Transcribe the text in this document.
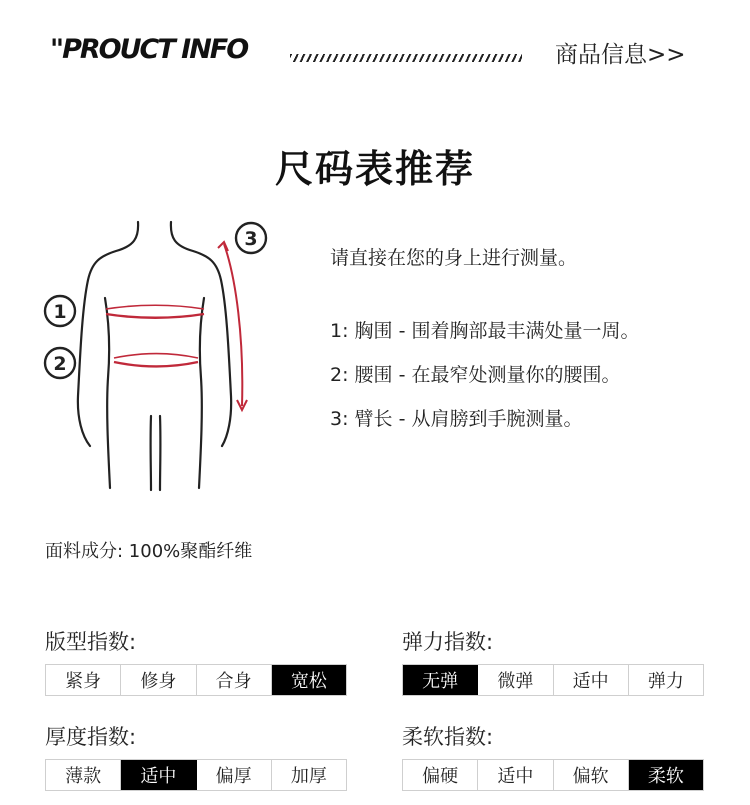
"PROUCT INFO	商品信息>>
尺码表推荐
1
2
3
请直接在您的身上进行测量。
1: 胸围 - 围着胸部最丰满处量一周。
2: 腰围 - 在最窄处测量你的腰围。
3: 臂长 - 从肩膀到手腕测量。
面料成分: 100%聚酯纤维
版型指数:
紧身	修身	合身	宽松
弹力指数:
无弹	微弹	适中	弹力
厚度指数:
薄款	适中	偏厚	加厚
柔软指数:
偏硬	适中	偏软	柔软
